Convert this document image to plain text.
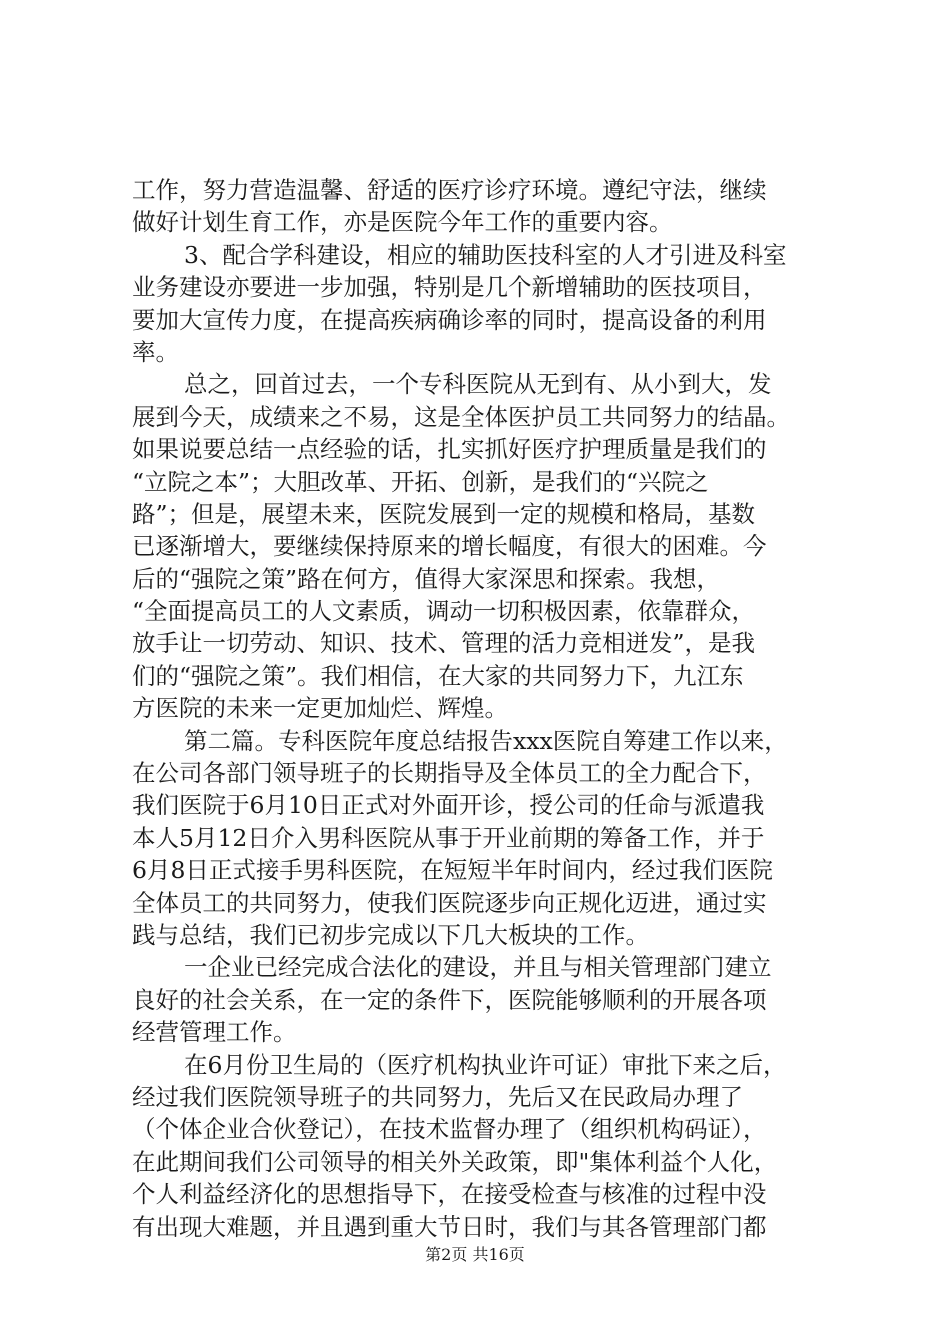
工作，努力营造温馨、舒适的医疗诊疗环境。遵纪守法，继续
做好计划生育工作，亦是医院今年工作的重要内容。
3、配合学科建设，相应的辅助医技科室的人才引进及科室
业务建设亦要进一步加强，特别是几个新增辅助的医技项目，
要加大宣传力度，在提高疾病确诊率的同时，提高设备的利用
率。
总之，回首过去，一个专科医院从无到有、从小到大，发
展到今天，成绩来之不易，这是全体医护员工共同努力的结晶。
如果说要总结一点经验的话，扎实抓好医疗护理质量是我们的
“立院之本”；大胆改革、开拓、创新，是我们的“兴院之
路”；但是，展望未来，医院发展到一定的规模和格局，基数
已逐渐增大，要继续保持原来的增长幅度，有很大的困难。今
后的“强院之策”路在何方，值得大家深思和探索。我想，
“全面提高员工的人文素质，调动一切积极因素，依靠群众，
放手让一切劳动、知识、技术、管理的活力竞相迸发”，是我
们的“强院之策”。我们相信，在大家的共同努力下，九江东
方医院的未来一定更加灿烂、辉煌。
第二篇。专科医院年度总结报告xxx医院自筹建工作以来，
在公司各部门领导班子的长期指导及全体员工的全力配合下，
我们医院于6月10日正式对外面开诊，授公司的任命与派遣我
本人5月12日介入男科医院从事于开业前期的筹备工作，并于
6月8日正式接手男科医院，在短短半年时间内，经过我们医院
全体员工的共同努力，使我们医院逐步向正规化迈进，通过实
践与总结，我们已初步完成以下几大板块的工作。
一企业已经完成合法化的建设，并且与相关管理部门建立
良好的社会关系，在一定的条件下，医院能够顺利的开展各项
经营管理工作。
在6月份卫生局的（医疗机构执业许可证）审批下来之后，
经过我们医院领导班子的共同努力，先后又在民政局办理了
（个体企业合伙登记），在技术监督办理了（组织机构码证），
在此期间我们公司领导的相关外关政策，即"集体利益个人化，
个人利益经济化的思想指导下，在接受检查与核准的过程中没
有出现大难题，并且遇到重大节日时，我们与其各管理部门都
第2页 共16页
